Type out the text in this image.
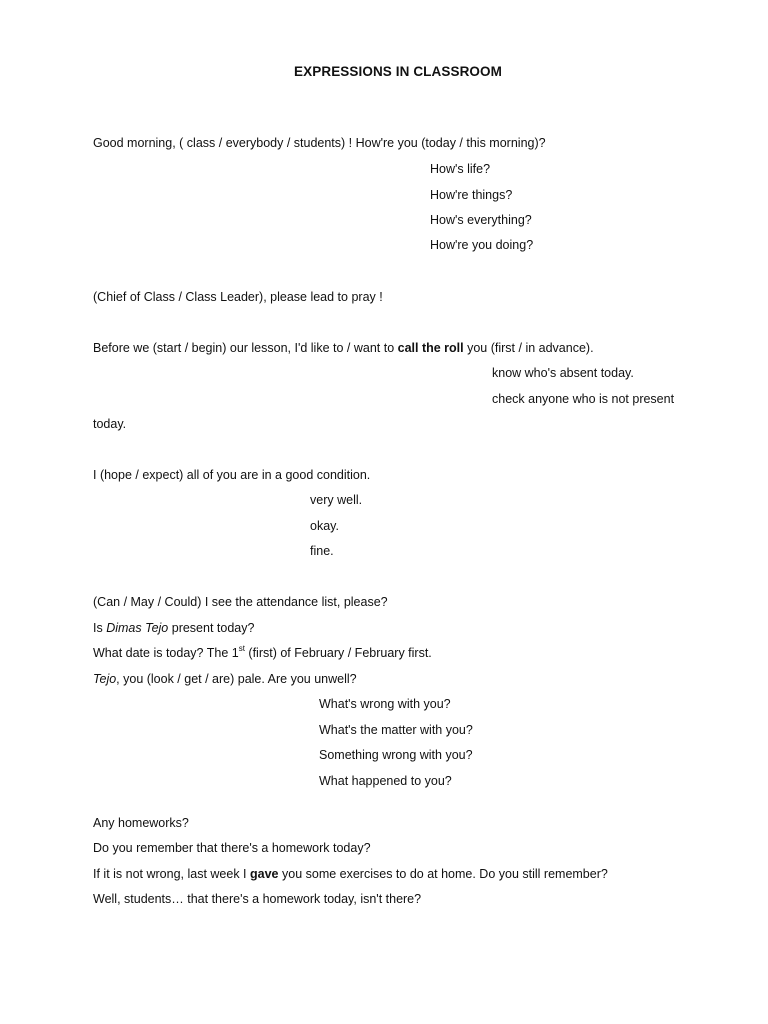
EXPRESSIONS IN CLASSROOM
Good morning, ( class / everybody / students) ! How're you (today / this morning)?
How's life?
How're things?
How's everything?
How're you doing?
(Chief of Class / Class Leader), please lead to pray !
Before we (start / begin) our lesson, I'd like to / want to call the roll you (first / in advance).
know who's absent today.
check anyone who is not present
today.
I (hope / expect) all of you are in a good condition.
very well.
okay.
fine.
(Can / May / Could) I see the attendance list, please?
Is Dimas Tejo present today?
What date is today? The 1st (first) of February / February first.
Tejo, you (look / get / are) pale. Are you unwell?
What's wrong with you?
What's the matter with you?
Something wrong with you?
What happened to you?
Any homeworks?
Do you remember that there's a homework today?
If it is not wrong, last week I gave you some exercises to do at home. Do you still remember?
Well, students… that there's a homework today, isn't there?
